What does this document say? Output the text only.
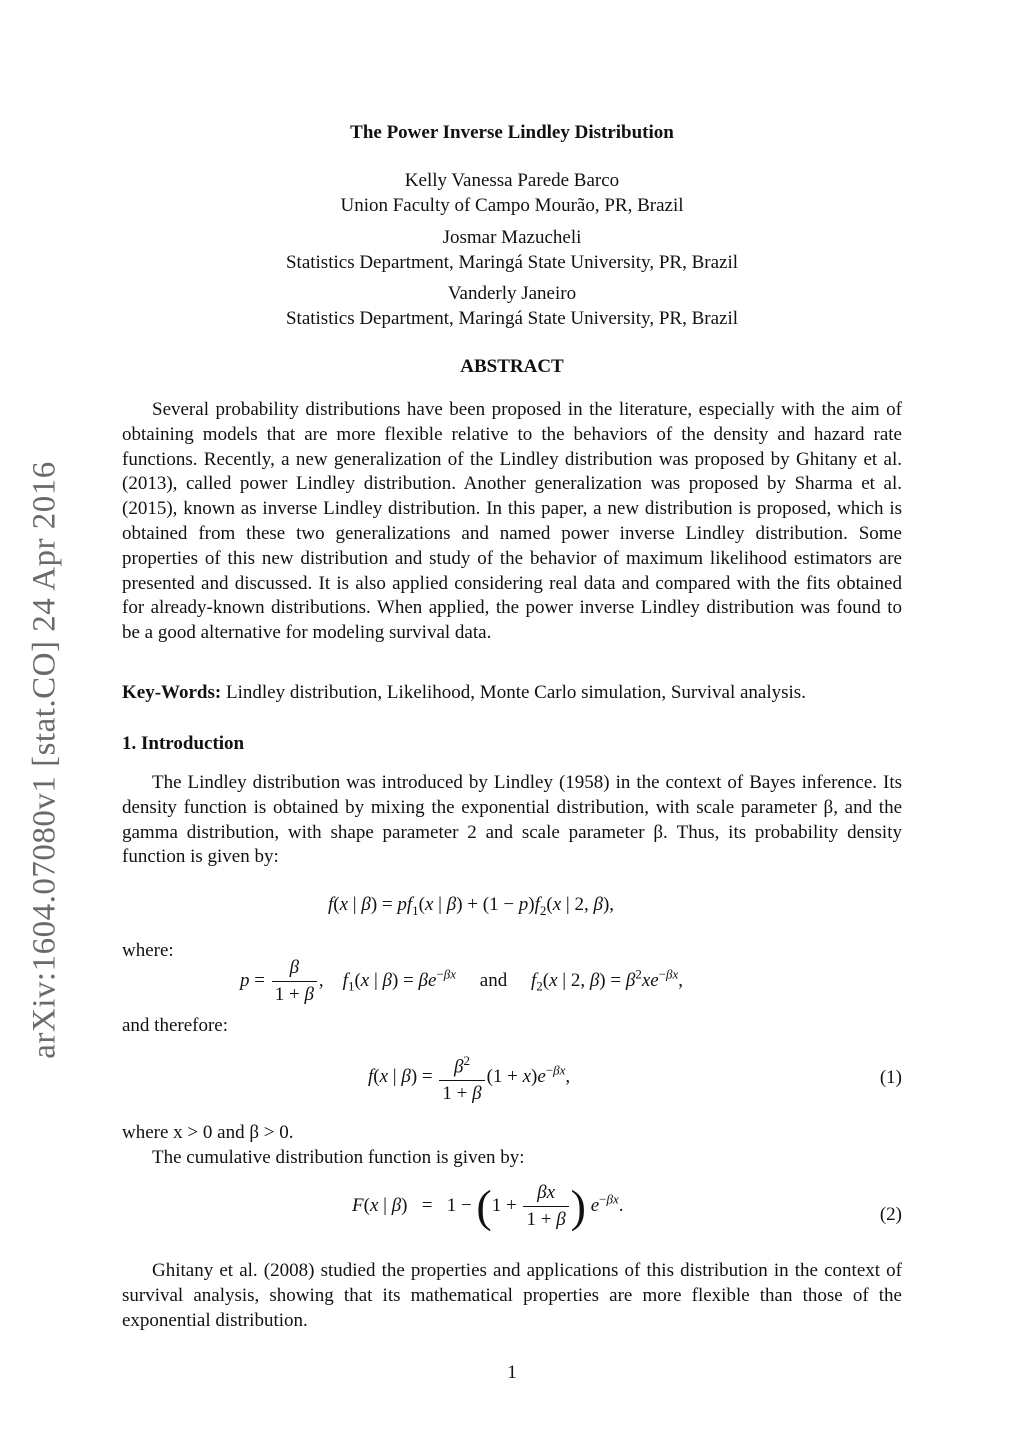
arXiv:1604.07080v1 [stat.CO] 24 Apr 2016
The Power Inverse Lindley Distribution
Kelly Vanessa Parede Barco
Union Faculty of Campo Mourão, PR, Brazil
Josmar Mazucheli
Statistics Department, Maringá State University, PR, Brazil
Vanderly Janeiro
Statistics Department, Maringá State University, PR, Brazil
ABSTRACT
Several probability distributions have been proposed in the literature, especially with the aim of obtaining models that are more flexible relative to the behaviors of the density and hazard rate functions. Recently, a new generalization of the Lindley distribution was proposed by Ghitany et al. (2013), called power Lindley distribution. Another generalization was proposed by Sharma et al. (2015), known as inverse Lindley distribution. In this paper, a new distribution is proposed, which is obtained from these two generalizations and named power inverse Lindley distribution. Some properties of this new distribution and study of the behavior of maximum likelihood estimators are presented and discussed. It is also applied considering real data and compared with the fits obtained for already-known distributions. When applied, the power inverse Lindley distribution was found to be a good alternative for modeling survival data.
Key-Words: Lindley distribution, Likelihood, Monte Carlo simulation, Survival analysis.
1. Introduction
The Lindley distribution was introduced by Lindley (1958) in the context of Bayes inference. Its density function is obtained by mixing the exponential distribution, with scale parameter β, and the gamma distribution, with shape parameter 2 and scale parameter β. Thus, its probability density function is given by:
f(x | $\beta) = pf_1(x$ | $\beta) + (1 - p)f_2(x$ | 2, β),
where:
$p = \frac{\beta}{1 + \beta}$ ,    $f_1(x$ | $\beta) = \beta e^{-\beta x}$ and $f_2(x$ | 2, $\beta) = \beta^2xe^{-\beta x}$,
and therefore:
f(x | $\beta) = \frac{\beta^2}{1 + \beta} (1 + x)e^{-\beta x}$,	(1)
where x > 0 and β > 0.
The cumulative distribution function is given by:
F(x | $\beta) = 1 - (1 + \frac{\beta x}{1 + \beta}$ ) $e^{-\beta x}$.	(2)
Ghitany et al. (2008) studied the properties and applications of this distribution in the context of survival analysis, showing that its mathematical properties are more flexible than those of the exponential distribution.
1
